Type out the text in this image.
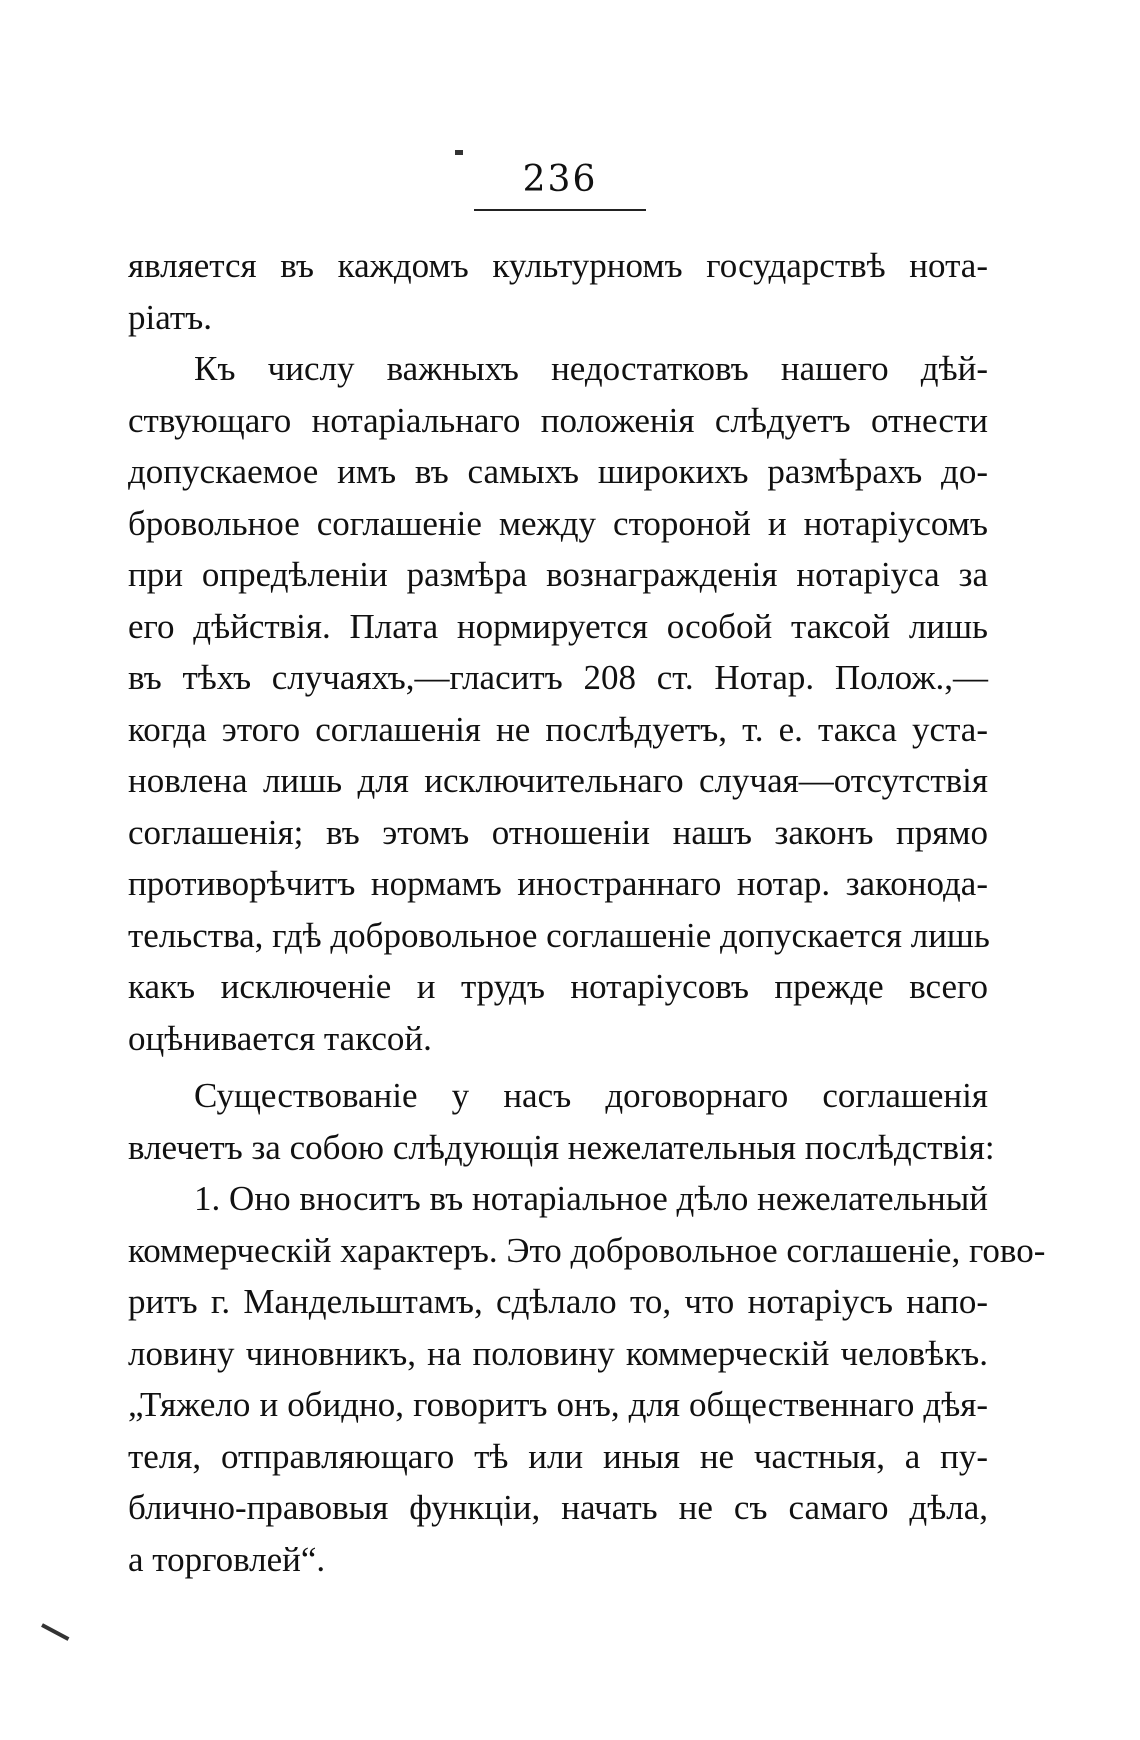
236
является въ каждомъ культурномъ государствѣ нота-
ріатъ.
Къ числу важныхъ недостатковъ нашего дѣй-
ствующаго нотаріальнаго положенія слѣдуетъ отнести
допускаемое имъ въ самыхъ широкихъ размѣрахъ до-
бровольное соглашеніе между стороной и нотаріусомъ
при опредѣленіи размѣра вознагражденія нотаріуса за
его дѣйствія. Плата нормируется особой таксой лишь
въ тѣхъ случаяхъ,—гласитъ 208 ст. Нотар. Полож.,—
когда этого соглашенія не послѣдуетъ, т. е. такса уста-
новлена лишь для исключительнаго случая—отсутствія
соглашенія; въ этомъ отношеніи нашъ законъ прямо
противорѣчитъ нормамъ иностраннаго нотар. законода-
тельства, гдѣ добровольное соглашеніе допускается лишь
какъ исключеніе и трудъ нотаріусовъ прежде всего
оцѣнивается таксой.
Существованіе у насъ договорнаго соглашенія
влечетъ за собою слѣдующія нежелательныя послѣдствія:
1. Оно вноситъ въ нотаріальное дѣло нежелательный
коммерческій характеръ. Это добровольное соглашеніе, гово-
ритъ г. Мандельштамъ, сдѣлало то, что нотаріусъ напо-
ловину чиновникъ, на половину коммерческій человѣкъ.
„Тяжело и обидно, говоритъ онъ, для общественнаго дѣя-
теля, отправляющаго тѣ или иныя не частныя, а пу-
блично-правовыя функціи, начать не съ самаго дѣла,
а торговлей“.
